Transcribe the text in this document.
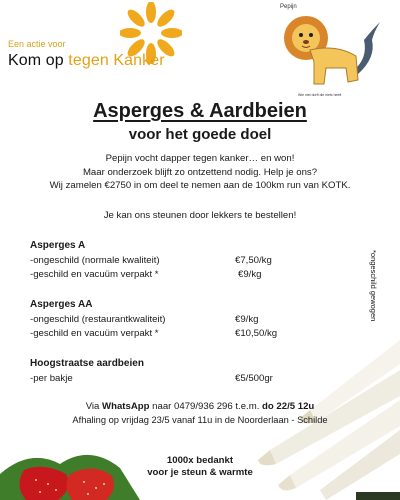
Een actie voor
Kom op tegen Kanker
Pepijn
Wie niet durft die niets heeft
Asperges & Aardbeien
voor het goede doel
Pepijn vocht dapper tegen kanker… en won!
Maar onderzoek blijft zo ontzettend nodig. Help je ons?
Wij zamelen €2750 in om deel te nemen aan de 100km run van KOTK.
Je kan ons steunen door lekkers te bestellen!
Asperges A
-ongeschild (normale kwaliteit)	€7,50/kg
-geschild en vacuüm verpakt *	€9/kg
Asperges AA
-ongeschild (restaurantkwaliteit)	€9/kg
-geschild en vacuüm verpakt *	€10,50/kg
Hoogstraatse aardbeien
-per bakje	€5/500gr
*ongeschild gewogen
Via WhatsApp naar 0479/936 296 t.e.m. do 22/5 12u
Afhaling op vrijdag 23/5 vanaf 11u in de Noorderlaan - Schilde
1000x bedankt
voor je steun & warmte
